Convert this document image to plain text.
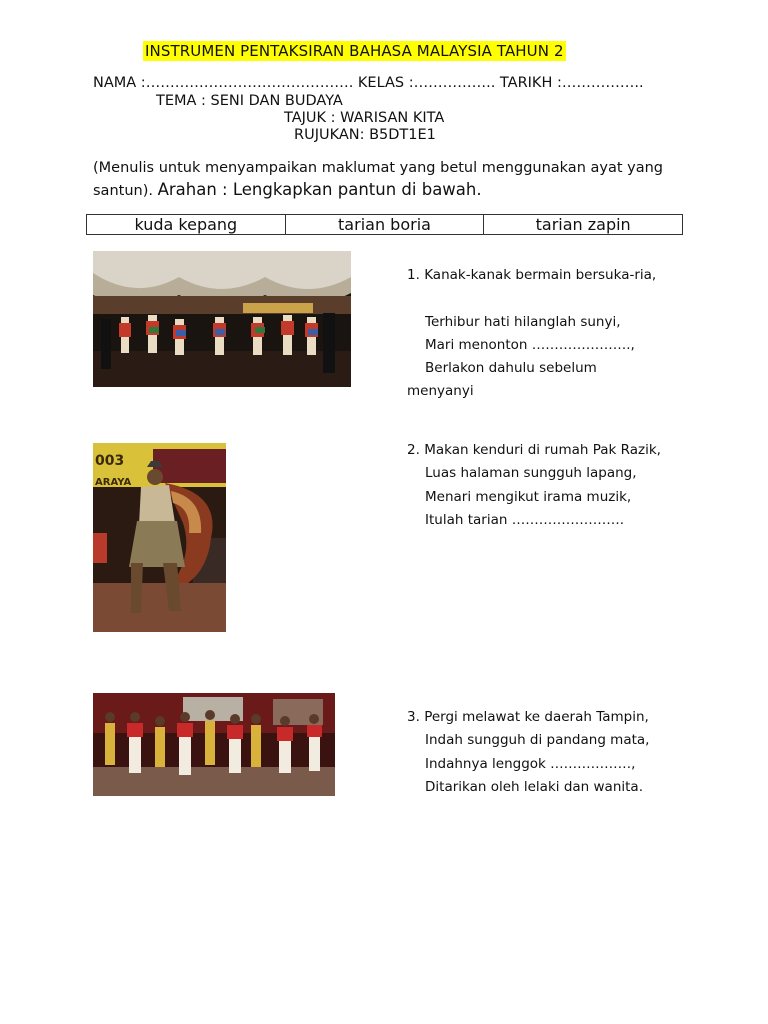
INSTRUMEN PENTAKSIRAN BAHASA MALAYSIA TAHUN 2
NAMA :……………………………………. KELAS :…………….. TARIKH :……………..
TEMA : SENI DAN BUDAYA
TAJUK : WARISAN KITA
RUJUKAN: B5DT1E1
(Menulis untuk menyampaikan maklumat yang betul menggunakan ayat yang santun). Arahan : Lengkapkan pantun di bawah.
kuda kepang	tarian boria	tarian zapin
003
ARAYA
1. Kanak-kanak bermain bersuka-ria,

Terhibur hati hilanglah sunyi,
Mari menonton ………………….,
Berlakon dahulu sebelum
menyanyi
2. Makan kenduri di rumah Pak Razik,
Luas halaman sungguh lapang,
Menari mengikut irama muzik,
Itulah tarian …………………….
3. Pergi melawat ke daerah Tampin,
Indah sungguh di pandang mata,
Indahnya lenggok ………………,
Ditarikan oleh lelaki dan wanita.
